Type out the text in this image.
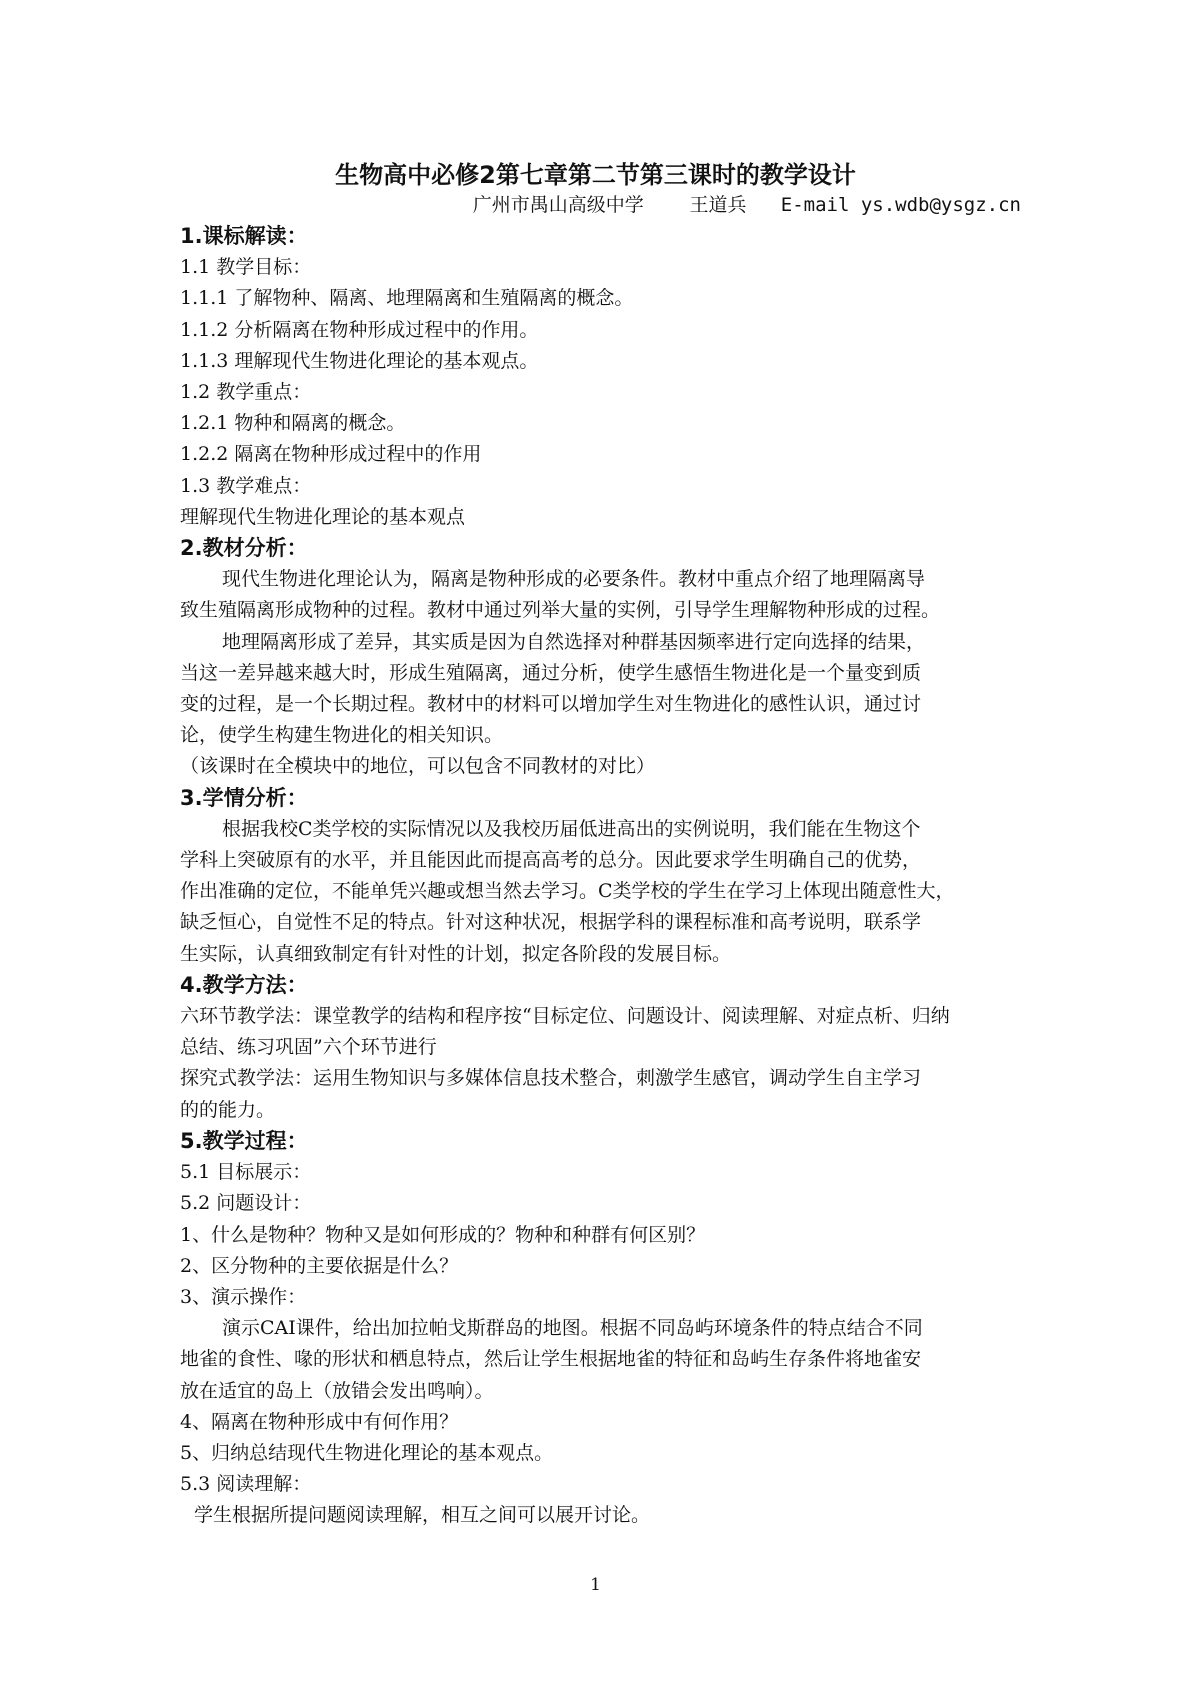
生物高中必修2第七章第二节第三课时的教学设计
广州市禺山高级中学    王道兵   E-mail ys.wdb@ysgz.cn
1.课标解读：
1.1 教学目标：
1.1.1 了解物种、隔离、地理隔离和生殖隔离的概念。
1.1.2 分析隔离在物种形成过程中的作用。
1.1.3 理解现代生物进化理论的基本观点。
1.2 教学重点：
1.2.1 物种和隔离的概念。
1.2.2 隔离在物种形成过程中的作用
1.3 教学难点：
理解现代生物进化理论的基本观点
2.教材分析：
现代生物进化理论认为，隔离是物种形成的必要条件。教材中重点介绍了地理隔离导
致生殖隔离形成物种的过程。教材中通过列举大量的实例，引导学生理解物种形成的过程。
地理隔离形成了差异，其实质是因为自然选择对种群基因频率进行定向选择的结果，
当这一差异越来越大时，形成生殖隔离，通过分析，使学生感悟生物进化是一个量变到质
变的过程，是一个长期过程。教材中的材料可以增加学生对生物进化的感性认识，通过讨
论，使学生构建生物进化的相关知识。
（该课时在全模块中的地位，可以包含不同教材的对比）
3.学情分析：
根据我校C类学校的实际情况以及我校历届低进高出的实例说明，我们能在生物这个
学科上突破原有的水平，并且能因此而提高高考的总分。因此要求学生明确自己的优势，
作出准确的定位，不能单凭兴趣或想当然去学习。C类学校的学生在学习上体现出随意性大，
缺乏恒心，自觉性不足的特点。针对这种状况，根据学科的课程标准和高考说明，联系学
生实际，认真细致制定有针对性的计划，拟定各阶段的发展目标。
4.教学方法：
六环节教学法：课堂教学的结构和程序按“目标定位、问题设计、阅读理解、对症点析、归纳
总结、练习巩固”六个环节进行
探究式教学法：运用生物知识与多媒体信息技术整合，刺激学生感官，调动学生自主学习
的的能力。
5.教学过程：
5.1 目标展示：
5.2 问题设计：
1、什么是物种？物种又是如何形成的？物种和种群有何区别？
2、区分物种的主要依据是什么？
3、演示操作：
演示CAI课件，给出加拉帕戈斯群岛的地图。根据不同岛屿环境条件的特点结合不同
地雀的食性、喙的形状和栖息特点，然后让学生根据地雀的特征和岛屿生存条件将地雀安
放在适宜的岛上（放错会发出鸣响）。
4、隔离在物种形成中有何作用？
5、归纳总结现代生物进化理论的基本观点。
5.3 阅读理解：
学生根据所提问题阅读理解，相互之间可以展开讨论。
1
